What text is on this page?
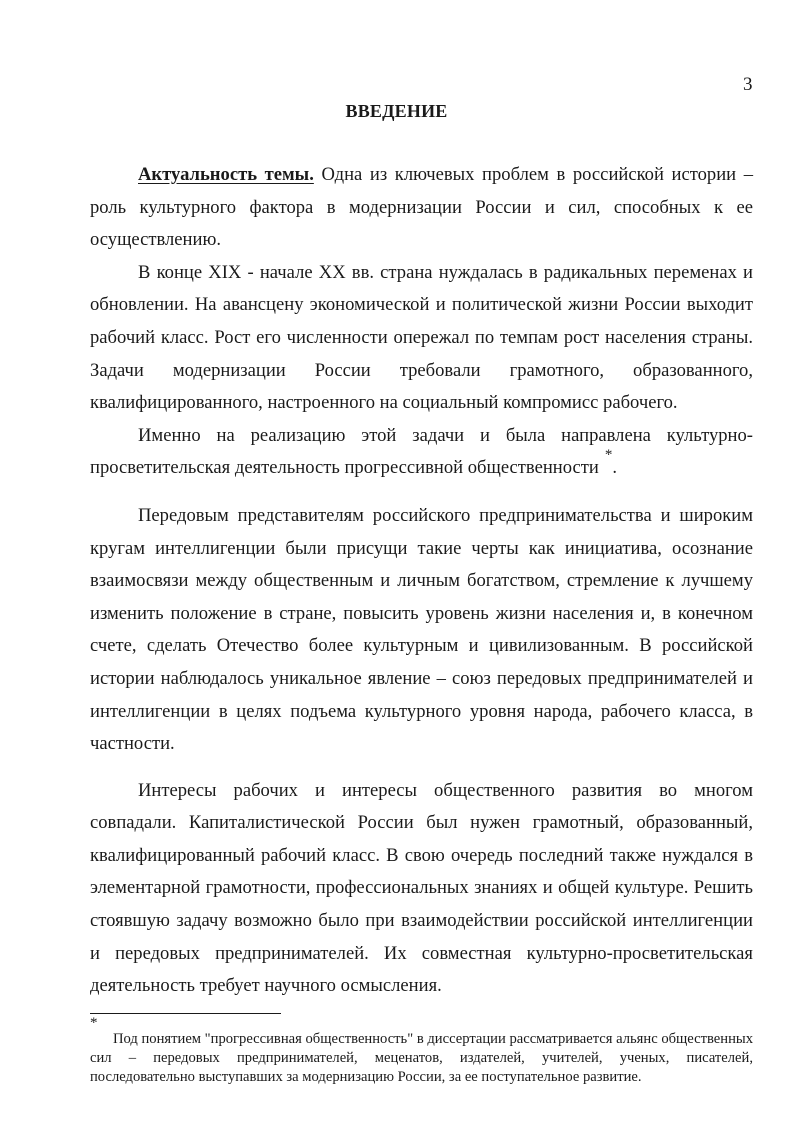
3
ВВЕДЕНИЕ

Актуальность темы. Одна из ключевых проблем в российской истории – роль культурного фактора в модернизации России и сил, способных к ее осуществлению.

В конце XIX - начале XX вв. страна нуждалась в радикальных переменах и обновлении. На авансцену экономической и политической жизни России выходит рабочий класс. Рост его численности опережал по темпам рост населения страны. Задачи модернизации России требовали грамотного, образованного, квалифицированного, настроенного на социальный компромисс рабочего.

Именно на реализацию этой задачи и была направлена культурно-просветительская деятельность прогрессивной общественности*.

Передовым представителям российского предпринимательства и широким кругам интеллигенции были присущи такие черты как инициатива, осознание взаимосвязи между общественным и личным богатством, стремление к лучшему изменить положение в стране, повысить уровень жизни населения и, в конечном счете, сделать Отечество более культурным и цивилизованным. В российской истории наблюдалось уникальное явление – союз передовых предпринимателей и интеллигенции в целях подъема культурного уровня народа, рабочего класса, в частности.

Интересы рабочих и интересы общественного развития во многом совпадали. Капиталистической России был нужен грамотный, образованный, квалифицированный рабочий класс. В свою очередь последний также нуждался в элементарной грамотности, профессиональных знаниях и общей культуре. Решить стоявшую задачу возможно было при взаимодействии российской интеллигенции и передовых предпринимателей. Их совместная культурно-просветительская деятельность требует научного осмысления.

*

Под понятием "прогрессивная общественность" в диссертации рассматривается альянс общественных сил – передовых предпринимателей, меценатов, издателей, учителей, ученых, писателей, последовательно выступавших за модернизацию России, за ее поступательное развитие.
